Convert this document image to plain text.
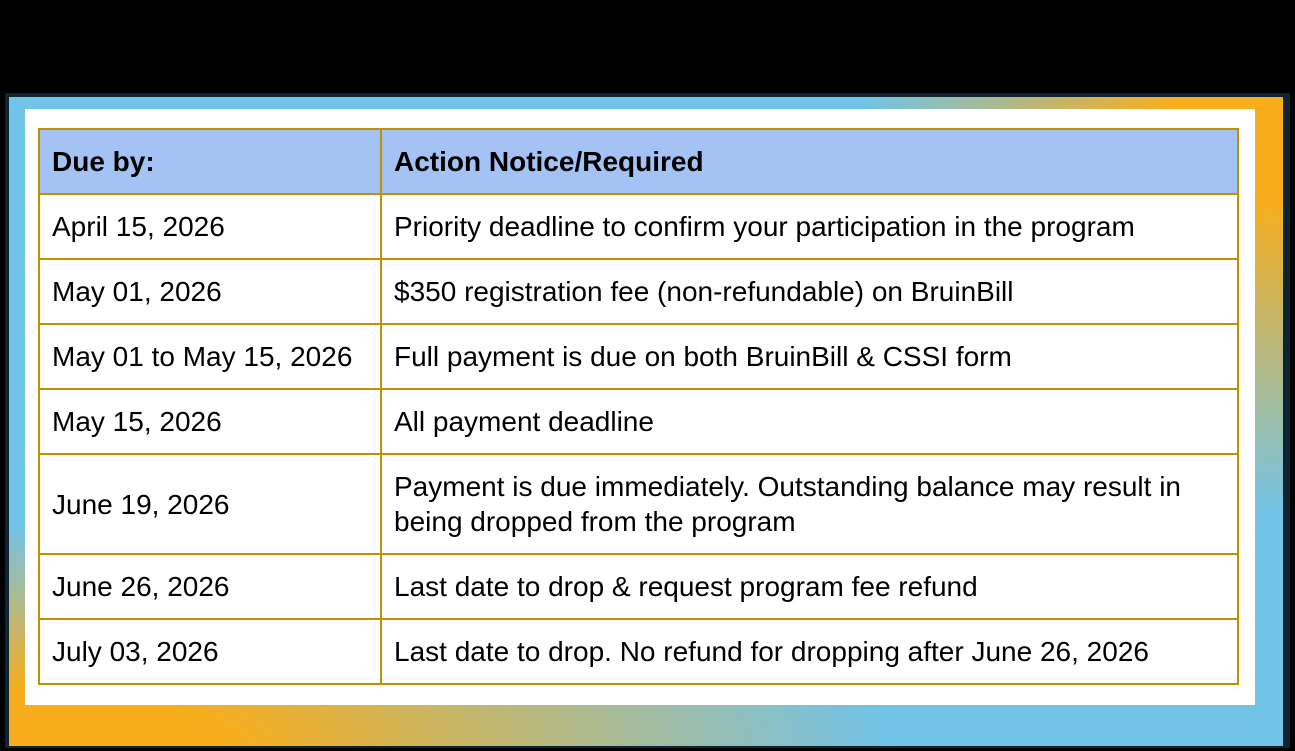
Due by:	Action Notice/Required
April 15, 2026	Priority deadline to confirm your participation in the program
May 01, 2026	$350 registration fee (non-refundable) on BruinBill
May 01 to May 15, 2026	Full payment is due on both BruinBill & CSSI form
May 15, 2026	All payment deadline
June 19, 2026	Payment is due immediately. Outstanding balance may result in being dropped from the program
June 26, 2026	Last date to drop & request program fee refund
July 03, 2026	Last date to drop. No refund for dropping after June 26, 2026
